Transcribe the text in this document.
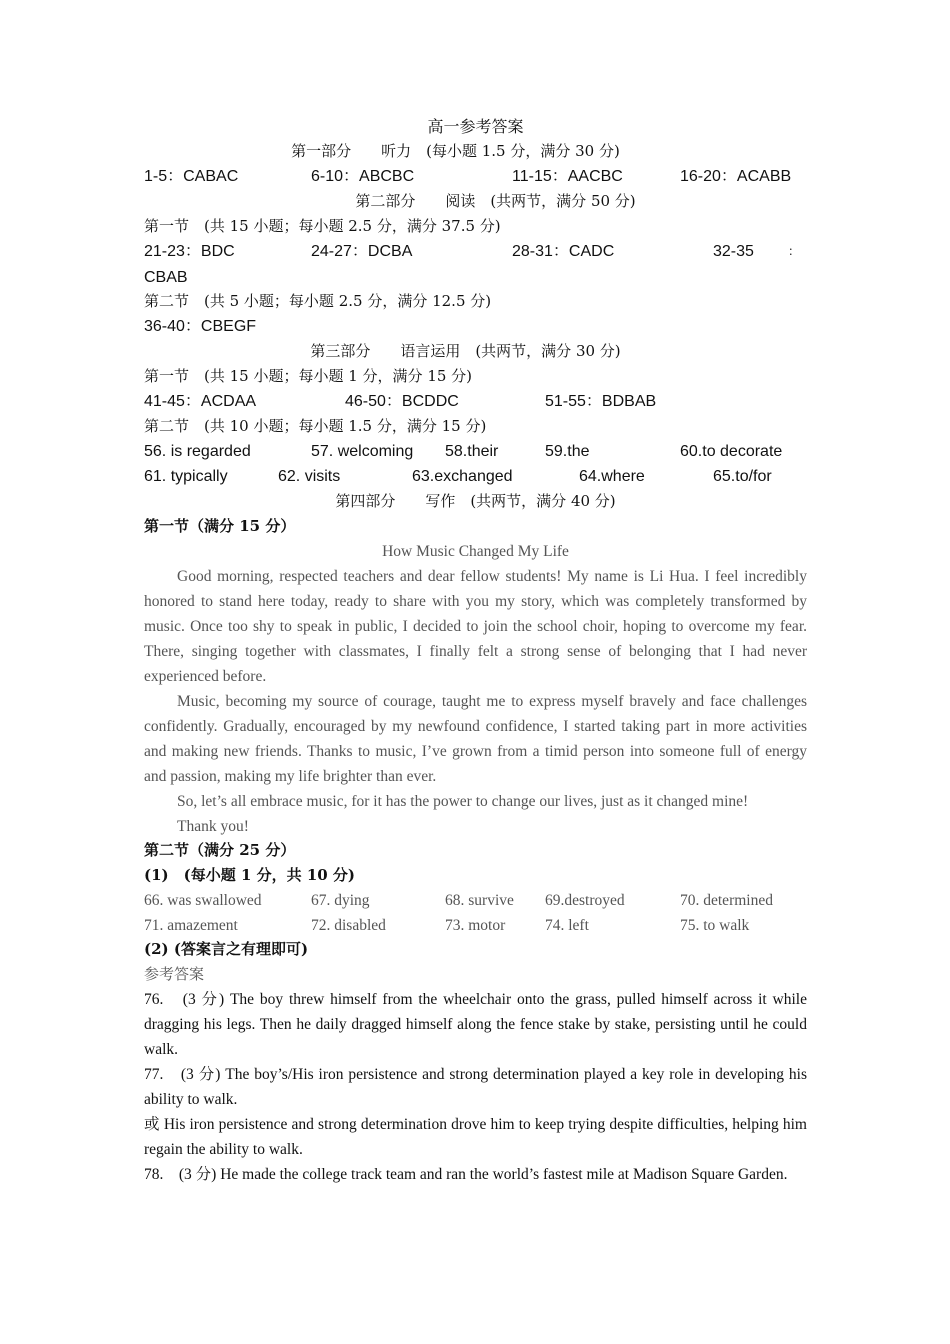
高一参考答案
第一部分　　听力　(每小题 1.5 分，满分 30 分)
1-5：CABAC	6-10：ABCBC	11-15：AACBC	16-20：ACABB
第二部分　　阅读　(共两节，满分 50 分)
第一节　(共 15 小题；每小题 2.5 分，满分 37.5 分)
21-23：BDC	24-27：DCBA	28-31：CADC	32-35	：
CBAB
第二节　(共 5 小题；每小题 2.5 分，满分 12.5 分)
36-40：CBEGF
第三部分　　语言运用　(共两节，满分 30 分)
第一节　(共 15 小题；每小题 1 分，满分 15 分)
41-45：ACDAA	46-50：BCDDC	51-55：BDBAB
第二节　(共 10 小题；每小题 1.5 分，满分 15 分)
56. is regarded	57. welcoming 58.their	59.the	60.to decorate
61. typically	62. visits	63.exchanged	64.where	65.to/for
第四部分　　写作　(共两节，满分 40 分)
第一节（满分 15 分）
How Music Changed My Life

Good morning, respected teachers and dear fellow students! My name is Li Hua. I feel incredibly honored to stand here today, ready to share with you my story, which was completely transformed by music. Once too shy to speak in public, I decided to join the school choir, hoping to overcome my fear. There, singing together with classmates, I finally felt a strong sense of belonging that I had never experienced before.

Music, becoming my source of courage, taught me to express myself bravely and face challenges confidently. Gradually, encouraged by my newfound confidence, I started taking part in more activities and making new friends. Thanks to music, I’ve grown from a timid person into someone full of energy and passion, making my life brighter than ever.

So, let’s all embrace music, for it has the power to change our lives, just as it changed mine!

Thank you!

第二节（满分 25 分）
(1)　(每小题 1 分，共 10 分)
66. was swallowed	67. dying	68. survive 69.destroyed	70. determined
71. amazement	72. disabled	73. motor	74. left	75. to walk
(2) (答案言之有理即可)
参考答案

76.　(3 分) The boy threw himself from the wheelchair onto the grass, pulled himself across it while dragging his legs. Then he daily dragged himself along the fence stake by stake, persisting until he could walk.

77.　(3 分) The boy’s/His iron persistence and strong determination played a key role in developing his ability to walk.

或 His iron persistence and strong determination drove him to keep trying despite difficulties, helping him regain the ability to walk.

78.　(3 分) He made the college track team and ran the world’s fastest mile at Madison Square Garden.
